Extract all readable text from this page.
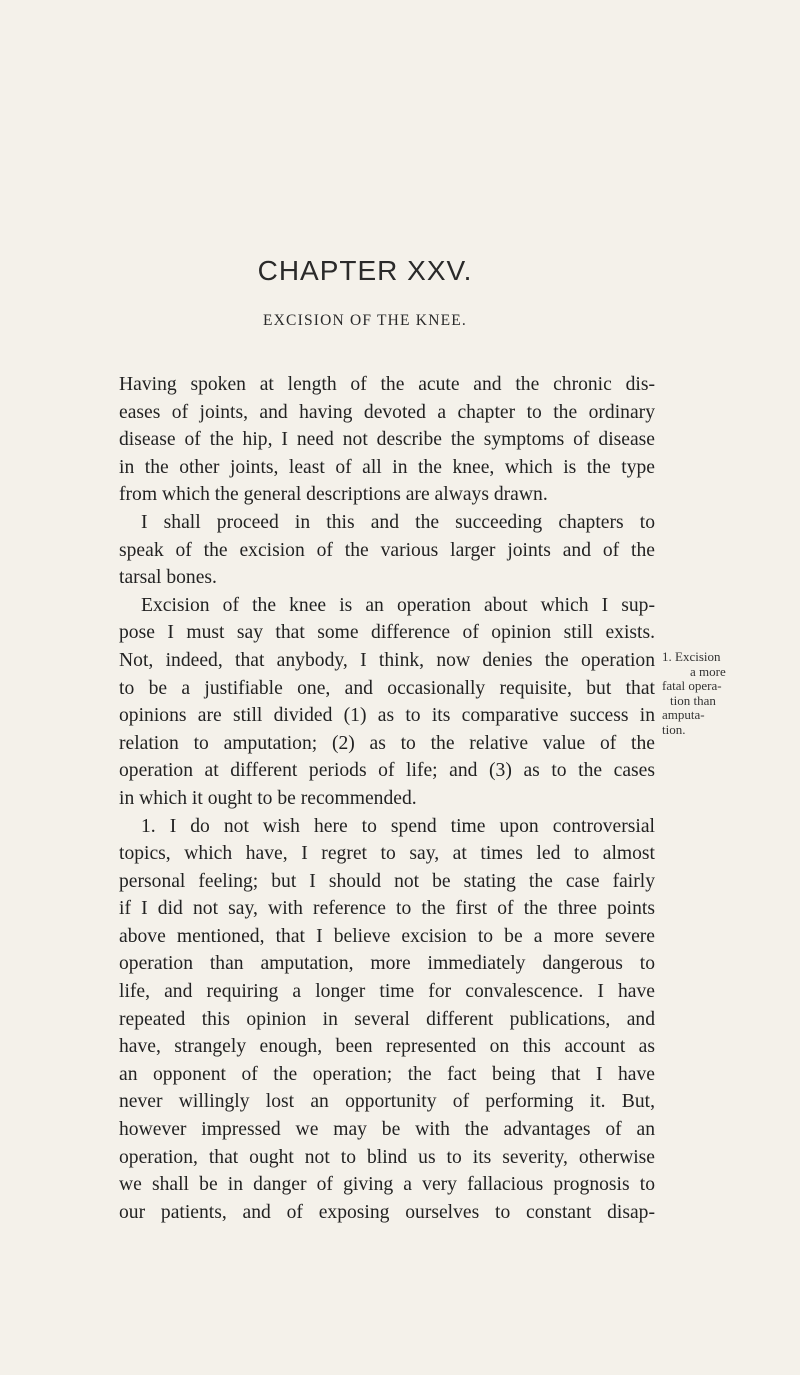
CHAPTER XXV.
EXCISION OF THE KNEE.
Having spoken at length of the acute and the chronic dis-
eases of joints, and having devoted a chapter to the ordinary
disease of the hip, I need not describe the symptoms of disease
in the other joints, least of all in the knee, which is the type
from which the general descriptions are always drawn.
I shall proceed in this and the succeeding chapters to
speak of the excision of the various larger joints and of the
tarsal bones.
Excision of the knee is an operation about which I sup-
pose I must say that some difference of opinion still exists.
Not, indeed, that anybody, I think, now denies the operation
to be a justifiable one, and occasionally requisite, but that
opinions are still divided (1) as to its comparative success in
relation to amputation; (2) as to the relative value of the
operation at different periods of life; and (3) as to the cases
in which it ought to be recommended.
1. I do not wish here to spend time upon controversial
topics, which have, I regret to say, at times led to almost
personal feeling; but I should not be stating the case fairly
if I did not say, with reference to the first of the three points
above mentioned, that I believe excision to be a more severe
operation than amputation, more immediately dangerous to
life, and requiring a longer time for convalescence. I have
repeated this opinion in several different publications, and
have, strangely enough, been represented on this account as
an opponent of the operation; the fact being that I have
never willingly lost an opportunity of performing it. But,
however impressed we may be with the advantages of an
operation, that ought not to blind us to its severity, otherwise
we shall be in danger of giving a very fallacious prognosis to
our patients, and of exposing ourselves to constant disap-
1. Excision
a more
fatal opera-
tion than
amputa-
tion.
